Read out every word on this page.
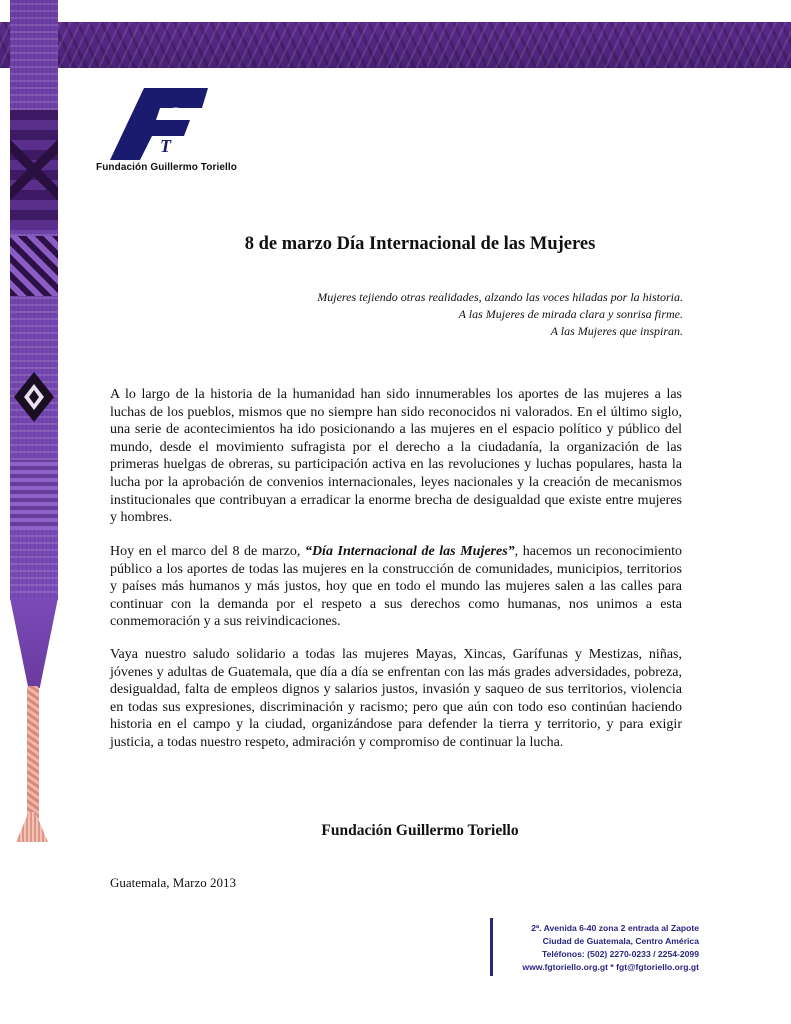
G
T
Fundación Guillermo Toriello
8 de marzo Día Internacional de las Mujeres
Mujeres tejiendo otras realidades, alzando las voces hiladas por la historia.
A las Mujeres de mirada clara y sonrisa firme.
A las Mujeres que inspiran.

A lo largo de la historia de la humanidad han sido innumerables los aportes de las mujeres a las luchas de los pueblos, mismos que no siempre han sido reconocidos ni valorados. En el último siglo, una serie de acontecimientos ha ido posicionando a las mujeres en el espacio político y público del mundo, desde el movimiento sufragista por el derecho a la ciudadanía, la organización de las primeras huelgas de obreras, su participación activa en las revoluciones y luchas populares, hasta la lucha por la aprobación de convenios internacionales, leyes nacionales y la creación de mecanismos institucionales que contribuyan a erradicar la enorme brecha de desigualdad que existe entre mujeres y hombres.

Hoy en el marco del 8 de marzo, “Día Internacional de las Mujeres”, hacemos un reconocimiento público a los aportes de todas las mujeres en la construcción de comunidades, municipios, territorios y países más humanos y más justos, hoy que en todo el mundo las mujeres salen a las calles para continuar con la demanda por el respeto a sus derechos como humanas, nos unimos a esta conmemoración y a sus reivindicaciones.

Vaya nuestro saludo solidario a todas las mujeres Mayas, Xincas, Garífunas y Mestizas, niñas, jóvenes y adultas de Guatemala, que día a día se enfrentan con las más grades adversidades, pobreza, desigualdad, falta de empleos dignos y salarios justos, invasión y saqueo de sus territorios, violencia en todas sus expresiones, discriminación y racismo; pero que aún con todo eso continúan haciendo historia en el campo y la ciudad, organizándose para defender la tierra y territorio, y para exigir justicia, a todas nuestro respeto, admiración y compromiso de continuar la lucha.

Fundación Guillermo Toriello
Guatemala, Marzo 2013
2ª. Avenida 6-40 zona 2 entrada al Zapote
Ciudad de Guatemala, Centro América
Teléfonos: (502) 2270-0233 / 2254-2099
www.fgtoriello.org.gt * fgt@fgtoriello.org.gt
